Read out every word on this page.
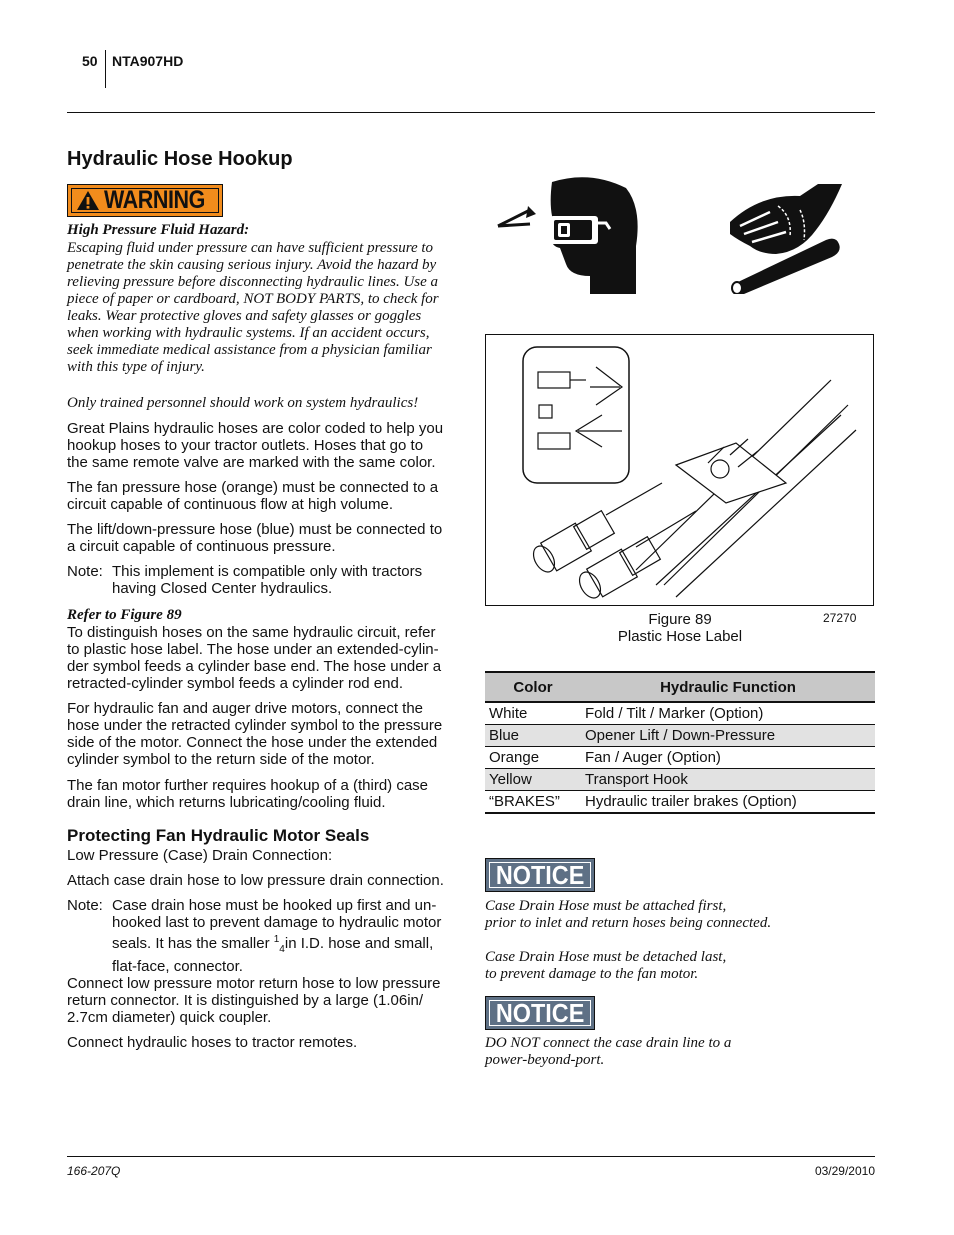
50 NTA907HD
Hydraulic Hose Hookup
WARNING
High Pressure Fluid Hazard:
Escaping fluid under pressure can have sufficient pressure to
penetrate the skin causing serious injury. Avoid the hazard by
relieving pressure before disconnecting hydraulic lines. Use a
piece of paper or cardboard, NOT BODY PARTS, to check for
leaks. Wear protective gloves and safety glasses or goggles
when working with hydraulic systems. If an accident occurs,
seek immediate medical assistance from a physician familiar
with this type of injury.
Only trained personnel should work on system hydraulics!
Great Plains hydraulic hoses are color coded to help you
hookup hoses to your tractor outlets. Hoses that go to
the same remote valve are marked with the same color.
The fan pressure hose (orange) must be connected to a
circuit capable of continuous flow at high volume.
The lift/down-pressure hose (blue) must be connected to
a circuit capable of continuous pressure.
Note: This implement is compatible only with tractors
having Closed Center hydraulics.
Refer to Figure 89
To distinguish hoses on the same hydraulic circuit, refer
to plastic hose label. The hose under an extended-cylin-
der symbol feeds a cylinder base end. The hose under a
retracted-cylinder symbol feeds a cylinder rod end.
For hydraulic fan and auger drive motors, connect the
hose under the retracted cylinder symbol to the pressure
side of the motor. Connect the hose under the extended
cylinder symbol to the return side of the motor.
The fan motor further requires hookup of a (third) case
drain line, which returns lubricating/cooling fluid.
Protecting Fan Hydraulic Motor Seals
Low Pressure (Case) Drain Connection:
Attach case drain hose to low pressure drain connection.
Note: Case drain hose must be hooked up first and un-
hooked last to prevent damage to hydraulic motor
seals. It has the smaller $^1_4$in I.D. hose and small,
flat-face, connector.
Connect low pressure motor return hose to low pressure
return connector. It is distinguished by a large (1.06in/
2.7cm diameter) quick coupler.
Connect hydraulic hoses to tractor remotes.
Figure 89
Plastic Hose Label
27270
Color	Hydraulic Function
White	Fold / Tilt / Marker (Option)
Blue	Opener Lift / Down-Pressure
Orange	Fan / Auger (Option)
Yellow	Transport Hook
“BRAKES”	Hydraulic trailer brakes (Option)
NOTICE
Case Drain Hose must be attached first,
prior to inlet and return hoses being connected.
Case Drain Hose must be detached last,
to prevent damage to the fan motor.
NOTICE
DO NOT connect the case drain line to a
power-beyond-port.
166-207Q	03/29/2010
